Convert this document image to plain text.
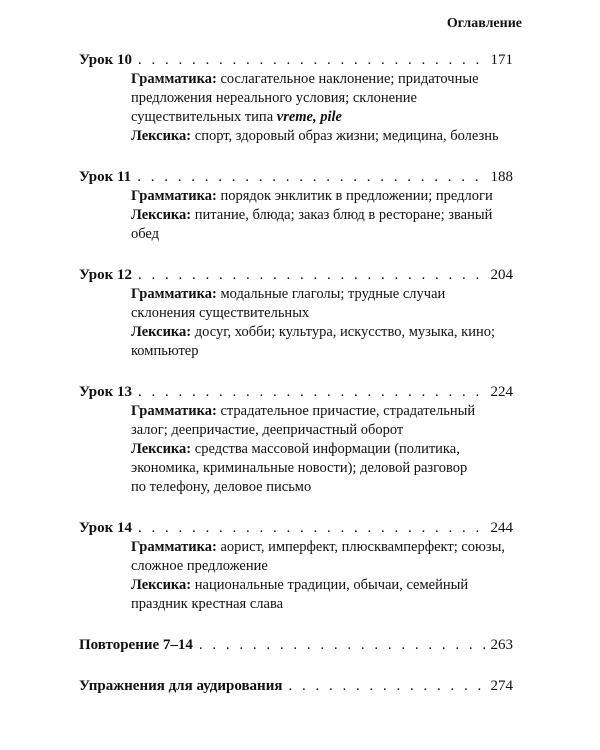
Оглавление
Урок 10 . . .	171
Грамматика: сослагательное наклонение; придаточные
предложения нереального условия; склонение
существительных типа vreme, pile
Лексика: спорт, здоровый образ жизни; медицина, болезнь
Урок 11 . . .	188
Грамматика: порядок энклитик в предложении; предлоги
Лексика: питание, блюда; заказ блюд в ресторане; званый
обед
Урок 12 . . .	204
Грамматика: модальные глаголы; трудные случаи
склонения существительных
Лексика: досуг, хобби; культура, искусство, музыка, кино;
компьютер
Урок 13 . . .	224
Грамматика: страдательное причастие, страдательный
залог; деепричастие, деепричастный оборот
Лексика: средства массовой информации (политика,
экономика, криминальные новости); деловой разговор
по телефону, деловое письмо
Урок 14 . . .	244
Грамматика: аорист, имперфект, плюсквамперфект; союзы,
сложное предложение
Лексика: национальные традиции, обычаи, семейный
праздник крестная слава
Повторение 7–14 . . .	263
Упражнения для аудирования . . .	274
